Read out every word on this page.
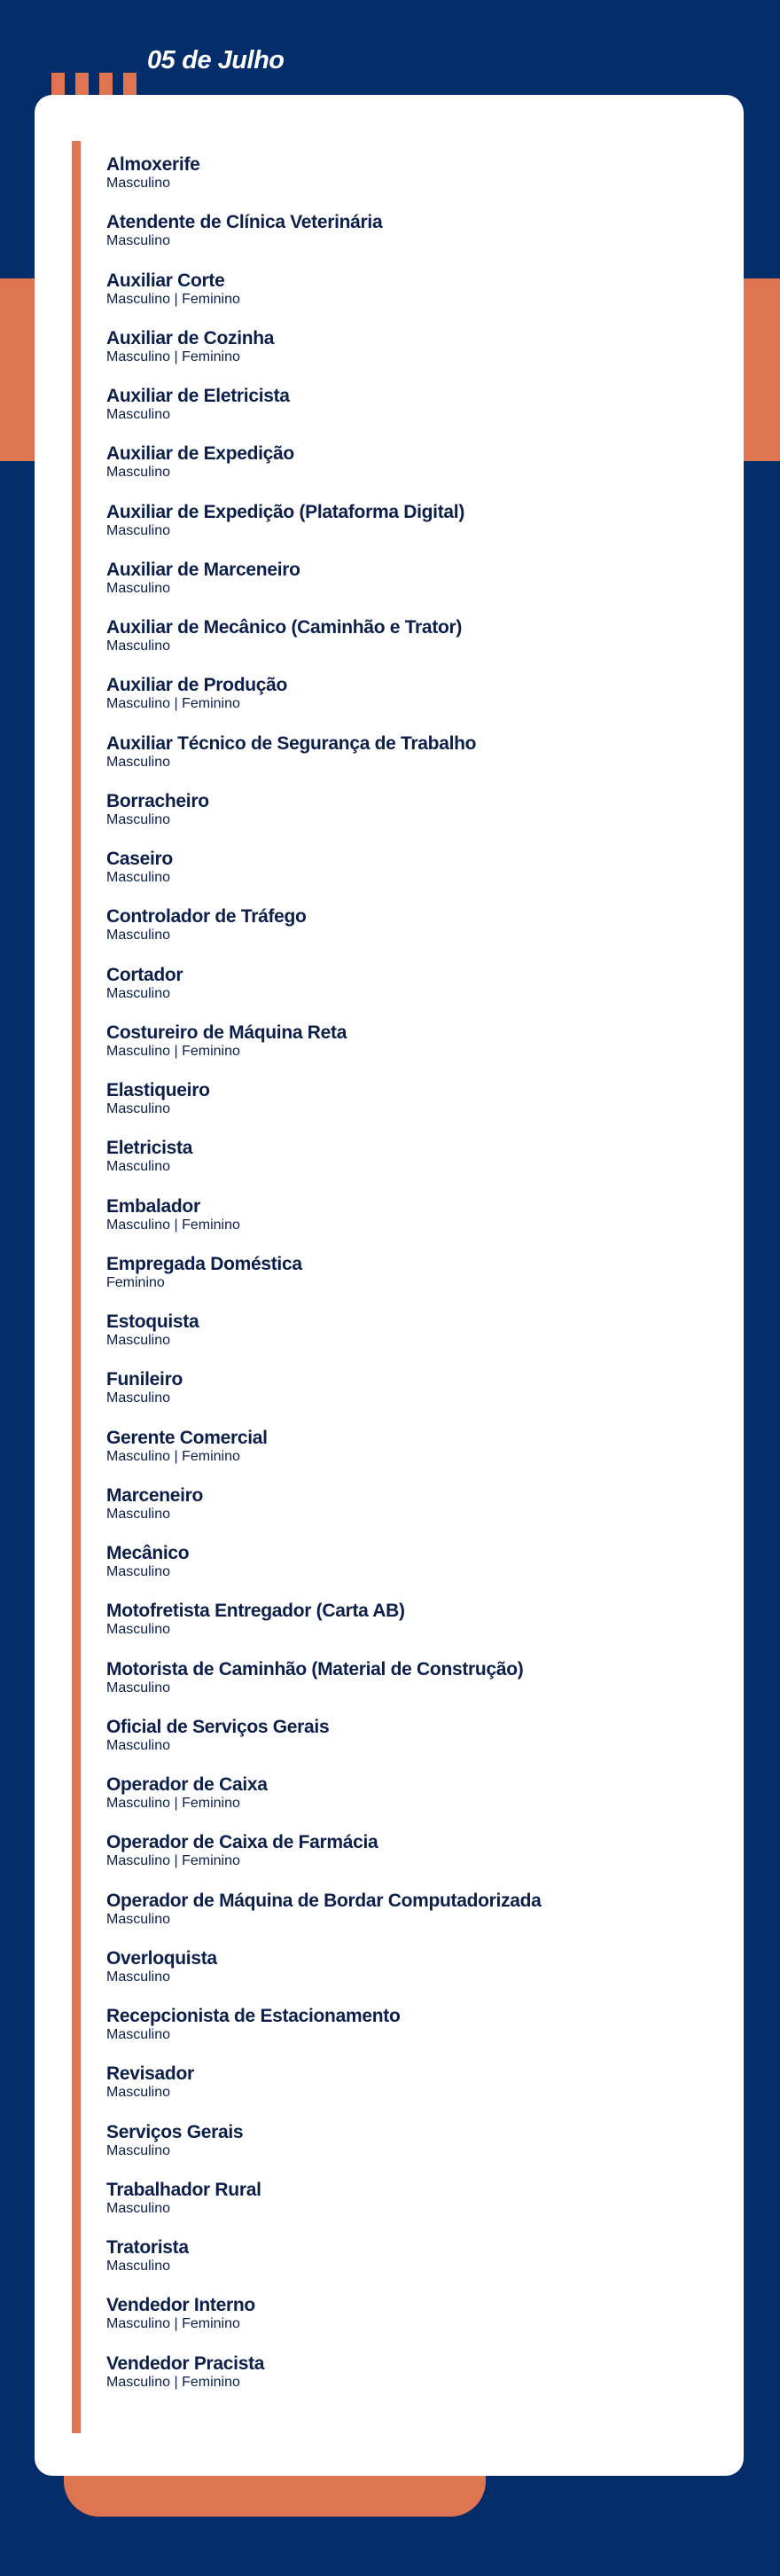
05 de Julho
Almoxerife
Masculino
Atendente de Clínica Veterinária
Masculino
Auxiliar Corte
Masculino | Feminino
Auxiliar de Cozinha
Masculino | Feminino
Auxiliar de Eletricista
Masculino
Auxiliar de Expedição
Masculino
Auxiliar de Expedição (Plataforma Digital)
Masculino
Auxiliar de Marceneiro
Masculino
Auxiliar de Mecânico (Caminhão e Trator)
Masculino
Auxiliar de Produção
Masculino | Feminino
Auxiliar Técnico de Segurança de Trabalho
Masculino
Borracheiro
Masculino
Caseiro
Masculino
Controlador de Tráfego
Masculino
Cortador
Masculino
Costureiro de Máquina Reta
Masculino | Feminino
Elastiqueiro
Masculino
Eletricista
Masculino
Embalador
Masculino | Feminino
Empregada Doméstica
Feminino
Estoquista
Masculino
Funileiro
Masculino
Gerente Comercial
Masculino | Feminino
Marceneiro
Masculino
Mecânico
Masculino
Motofretista Entregador (Carta AB)
Masculino
Motorista de Caminhão (Material de Construção)
Masculino
Oficial de Serviços Gerais
Masculino
Operador de Caixa
Masculino | Feminino
Operador de Caixa de Farmácia
Masculino | Feminino
Operador de Máquina de Bordar Computadorizada
Masculino
Overloquista
Masculino
Recepcionista de Estacionamento
Masculino
Revisador
Masculino
Serviços Gerais
Masculino
Trabalhador Rural
Masculino
Tratorista
Masculino
Vendedor Interno
Masculino | Feminino
Vendedor Pracista
Masculino | Feminino
